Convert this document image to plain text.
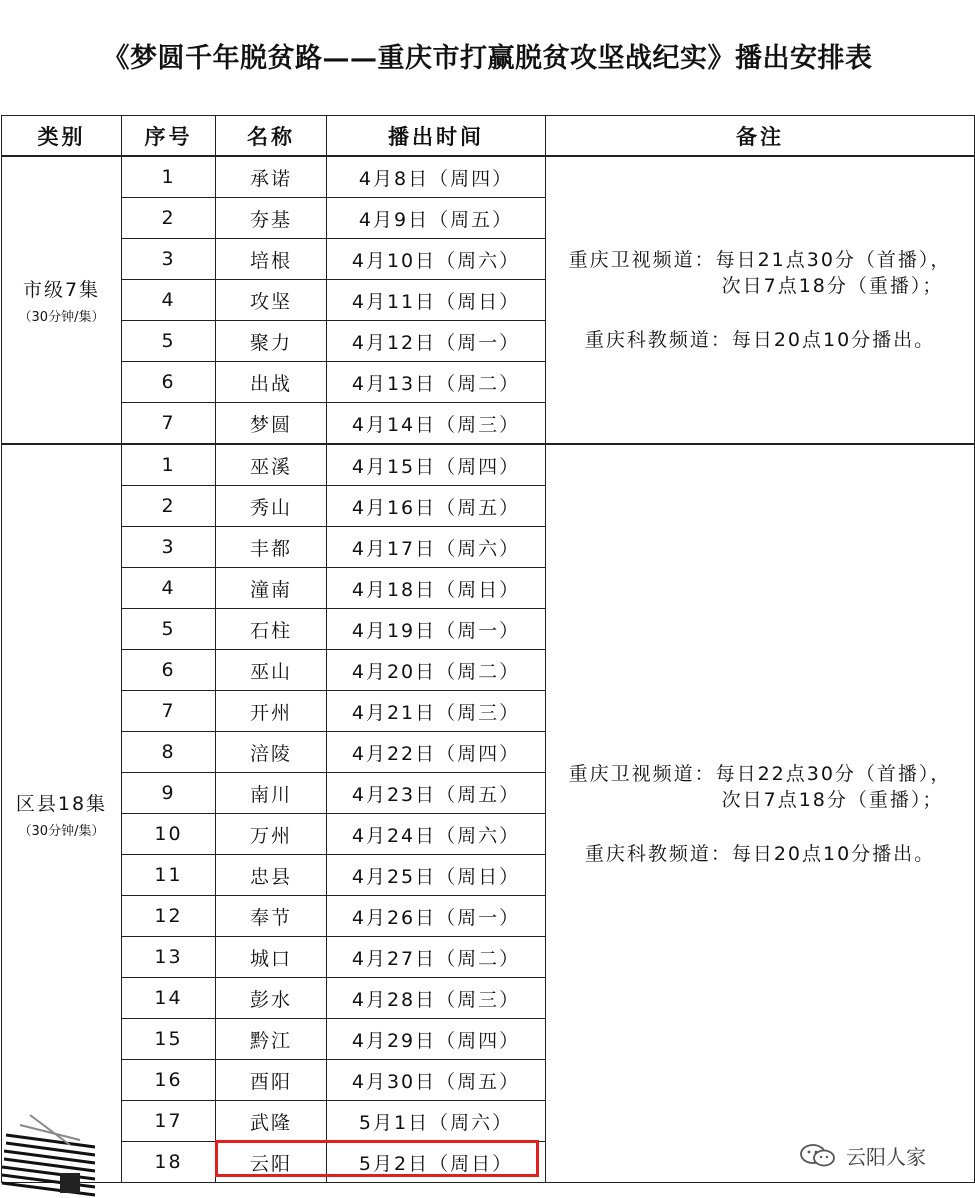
《梦圆千年脱贫路——重庆市打赢脱贫攻坚战纪实》播出安排表
类别	序号	名称	播出时间	备注
市级7集
（30分钟/集）	1	承诺	4月8日（周四）	重庆卫视频道：每日21点30分（首播），
次日7点18分（重播）；
重庆科教频道：每日20点10分播出。

	2	夯基	4月9日（周五）	
	3	培根	4月10日（周六）	
	4	攻坚	4月11日（周日）	
	5	聚力	4月12日（周一）	
	6	出战	4月13日（周二）	
	7	梦圆	4月14日（周三）	
区县18集
（30分钟/集）	1	巫溪	4月15日（周四）	重庆卫视频道：每日22点30分（首播），
次日7点18分（重播）；
重庆科教频道：每日20点10分播出。

	2	秀山	4月16日（周五）	
	3	丰都	4月17日（周六）	
	4	潼南	4月18日（周日）	
	5	石柱	4月19日（周一）	
	6	巫山	4月20日（周二）	
	7	开州	4月21日（周三）	
	8	涪陵	4月22日（周四）	
	9	南川	4月23日（周五）	
	10	万州	4月24日（周六）	
	11	忠县	4月25日（周日）	
	12	奉节	4月26日（周一）	
	13	城口	4月27日（周二）	
	14	彭水	4月28日（周三）	
	15	黔江	4月29日（周四）	
	16	酉阳	4月30日（周五）	
	17	武隆	5月1日（周六）	
	18	云阳	5月2日（周日）		云阳人家
